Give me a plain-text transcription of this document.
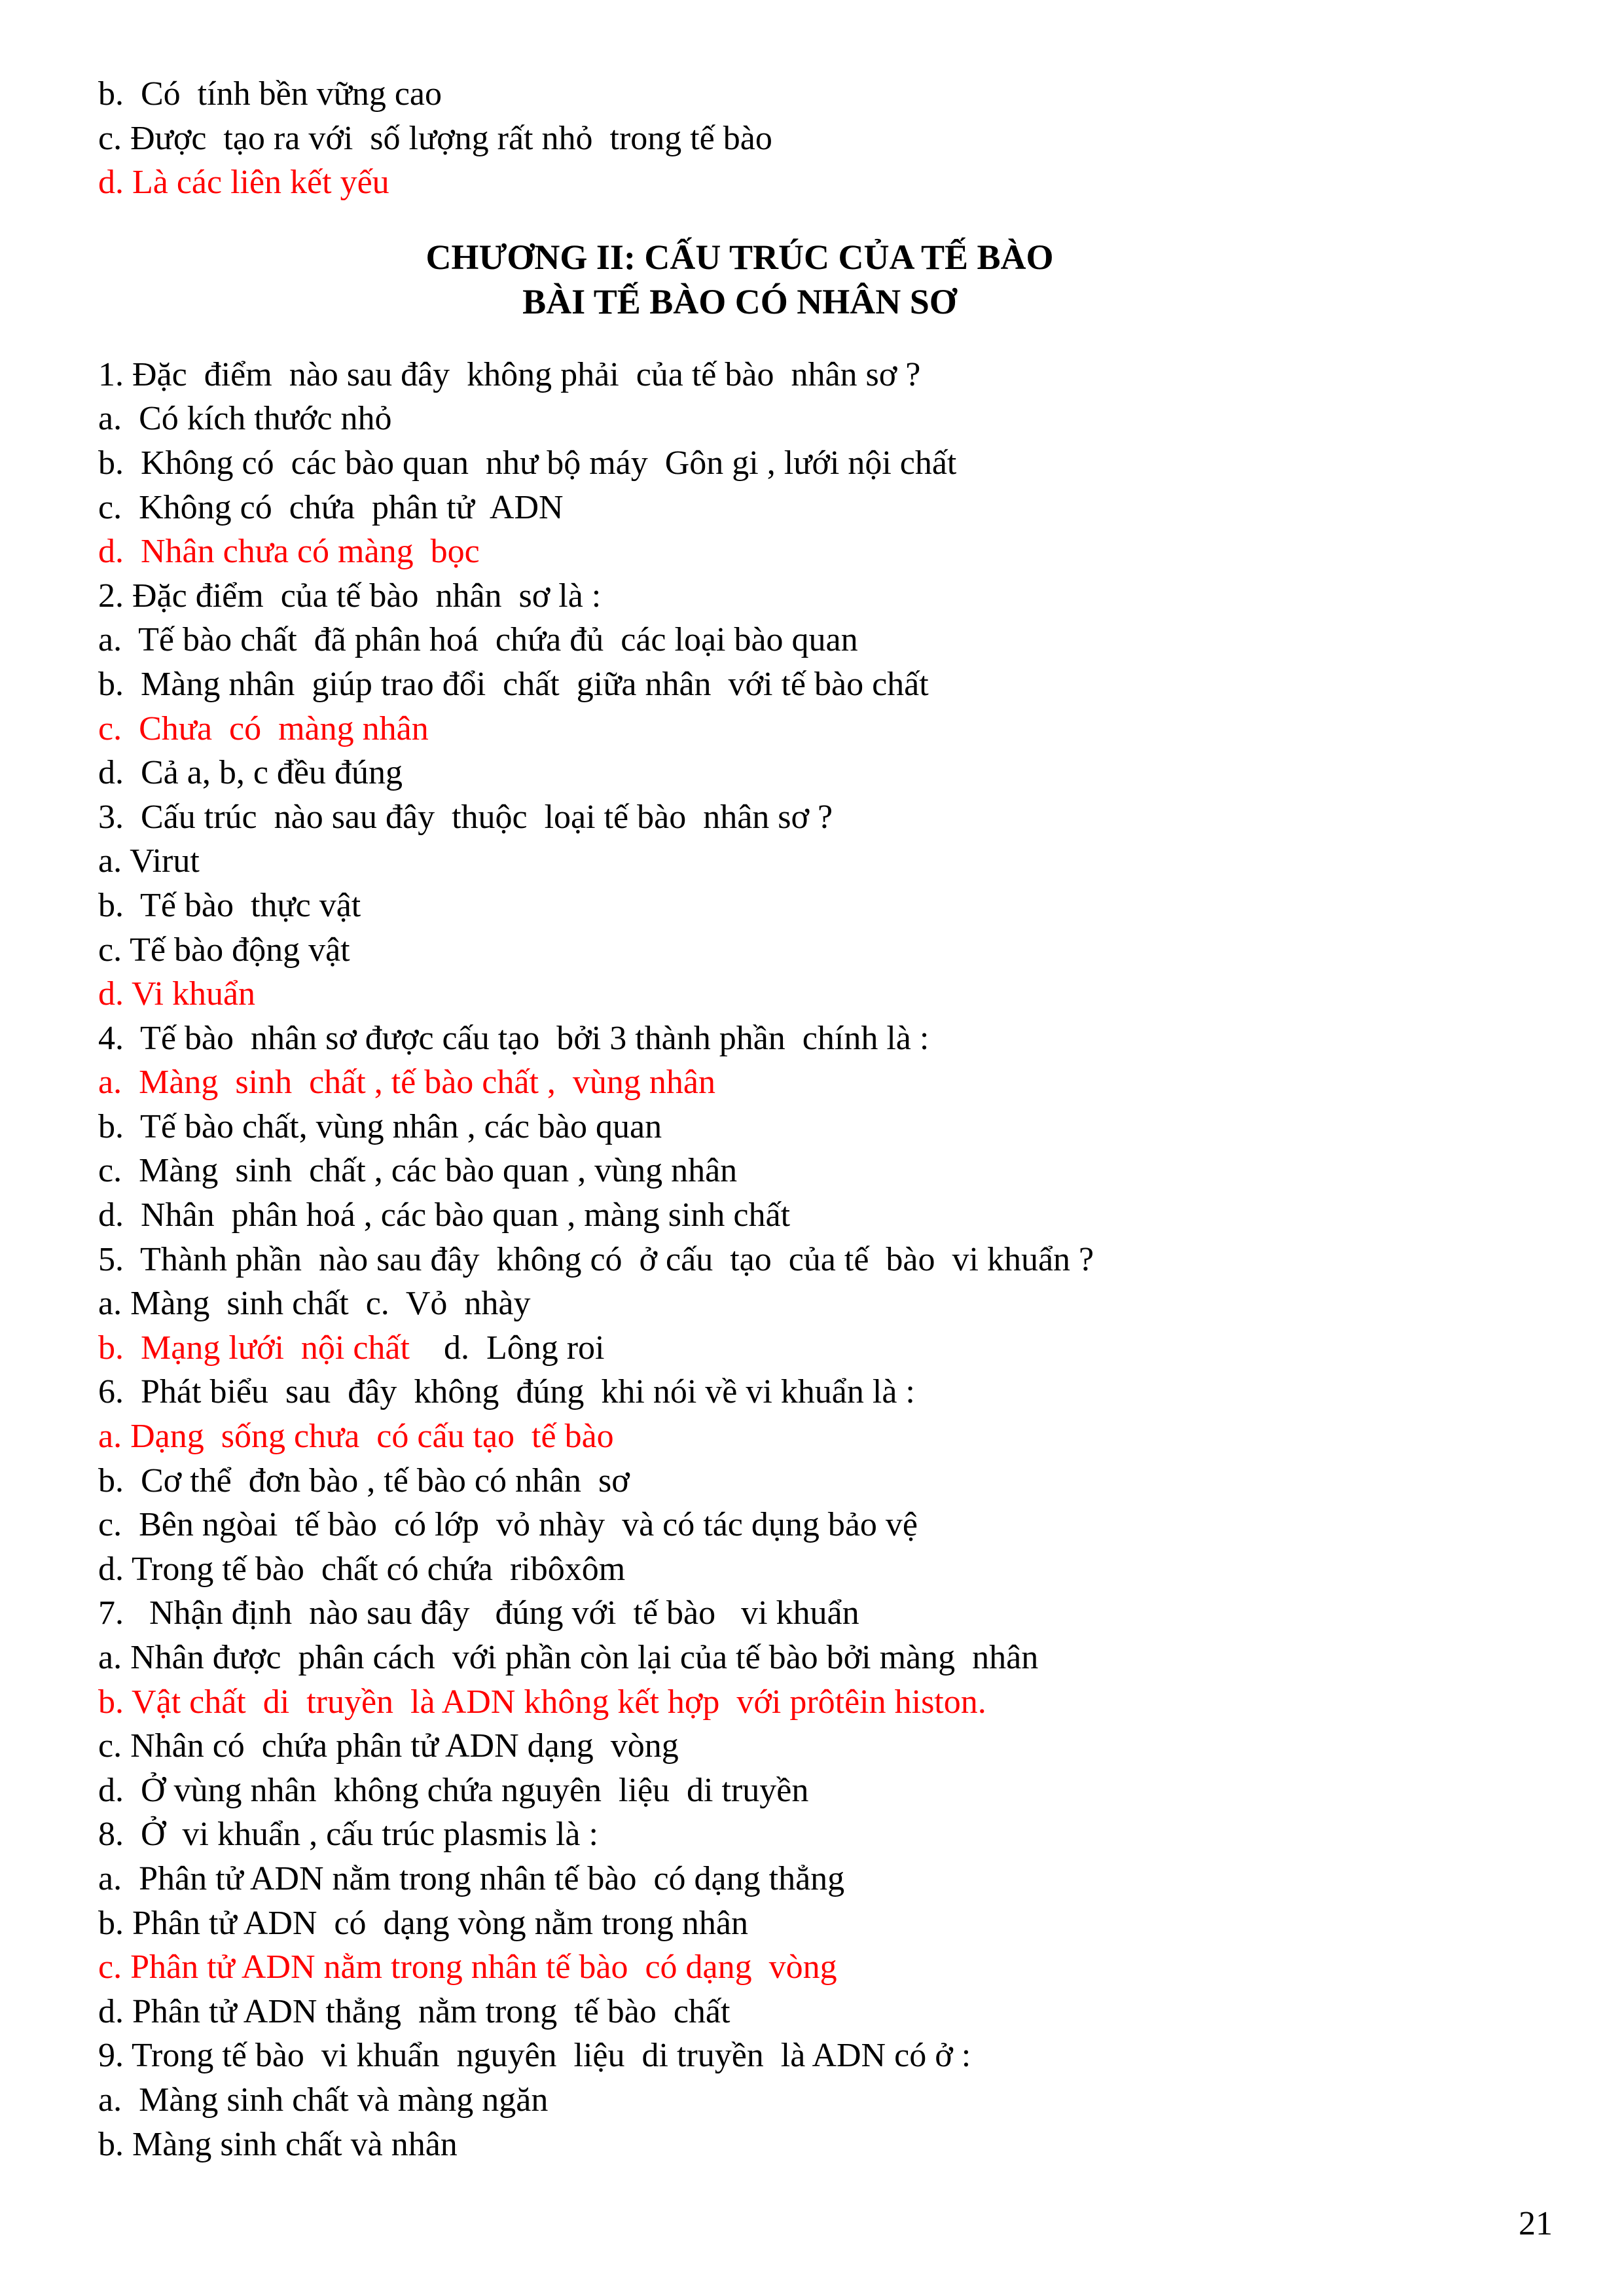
b.  Có  tính bền vững cao
c. Được  tạo ra với  số lượng rất nhỏ  trong tế bào
d. Là các liên kết yếu
CHƯƠNG II: CẤU TRÚC CỦA TẾ BÀO
BÀI TẾ BÀO CÓ NHÂN SƠ
1. Đặc  điểm  nào sau đây  không phải  của tế bào  nhân sơ ?
a.  Có kích thước nhỏ
b.  Không có  các bào quan  như bộ máy  Gôn gi , lưới nội chất
c.  Không có  chứa  phân tử  ADN
d.  Nhân chưa có màng  bọc
2. Đặc điểm  của tế bào  nhân  sơ là :
a.  Tế bào chất  đã phân hoá  chứa đủ  các loại bào quan
b.  Màng nhân  giúp trao đổi  chất  giữa nhân  với tế bào chất
c.  Chưa  có  màng nhân
d.  Cả a, b, c đều đúng
3.  Cấu trúc  nào sau đây  thuộc  loại tế bào  nhân sơ ?
a. Virut
b.  Tế bào  thực vật
c. Tế bào động vật
d. Vi khuẩn
4.  Tế bào  nhân sơ được cấu tạo  bởi 3 thành phần  chính là :
a.  Màng  sinh  chất , tế bào chất ,  vùng nhân
b.  Tế bào chất, vùng nhân , các bào quan
c.  Màng  sinh  chất , các bào quan , vùng nhân
d.  Nhân  phân hoá , các bào quan , màng sinh chất
5.  Thành phần  nào sau đây  không có  ở cấu  tạo  của tế  bào  vi khuẩn ?
a. Màng  sinh chất  c.  Vỏ  nhày
b.  Mạng lưới  nội chất    d.  Lông roi
6.  Phát biểu  sau  đây  không  đúng  khi nói về vi khuẩn là :
a. Dạng  sống chưa  có cấu tạo  tế bào
b.  Cơ thể  đơn bào , tế bào có nhân  sơ
c.  Bên ngòai  tế bào  có lớp  vỏ nhày  và có tác dụng bảo vệ
d. Trong tế bào  chất có chứa  ribôxôm
7.   Nhận định  nào sau đây   đúng với  tế bào   vi khuẩn
a. Nhân được  phân cách  với phần còn lại của tế bào bởi màng  nhân
b. Vật chất  di  truyền  là ADN không kết hợp  với prôtêin histon.
c. Nhân có  chứa phân tử ADN dạng  vòng
d.  Ở vùng nhân  không chứa nguyên  liệu  di truyền
8.  Ở  vi khuẩn , cấu trúc plasmis là :
a.  Phân tử ADN nằm trong nhân tế bào  có dạng thẳng
b. Phân tử ADN  có  dạng vòng nằm trong nhân
c. Phân tử ADN nằm trong nhân tế bào  có dạng  vòng
d. Phân tử ADN thẳng  nằm trong  tế bào  chất
9. Trong tế bào  vi khuẩn  nguyên  liệu  di truyền  là ADN có ở :
a.  Màng sinh chất và màng ngăn
b. Màng sinh chất và nhân
21
